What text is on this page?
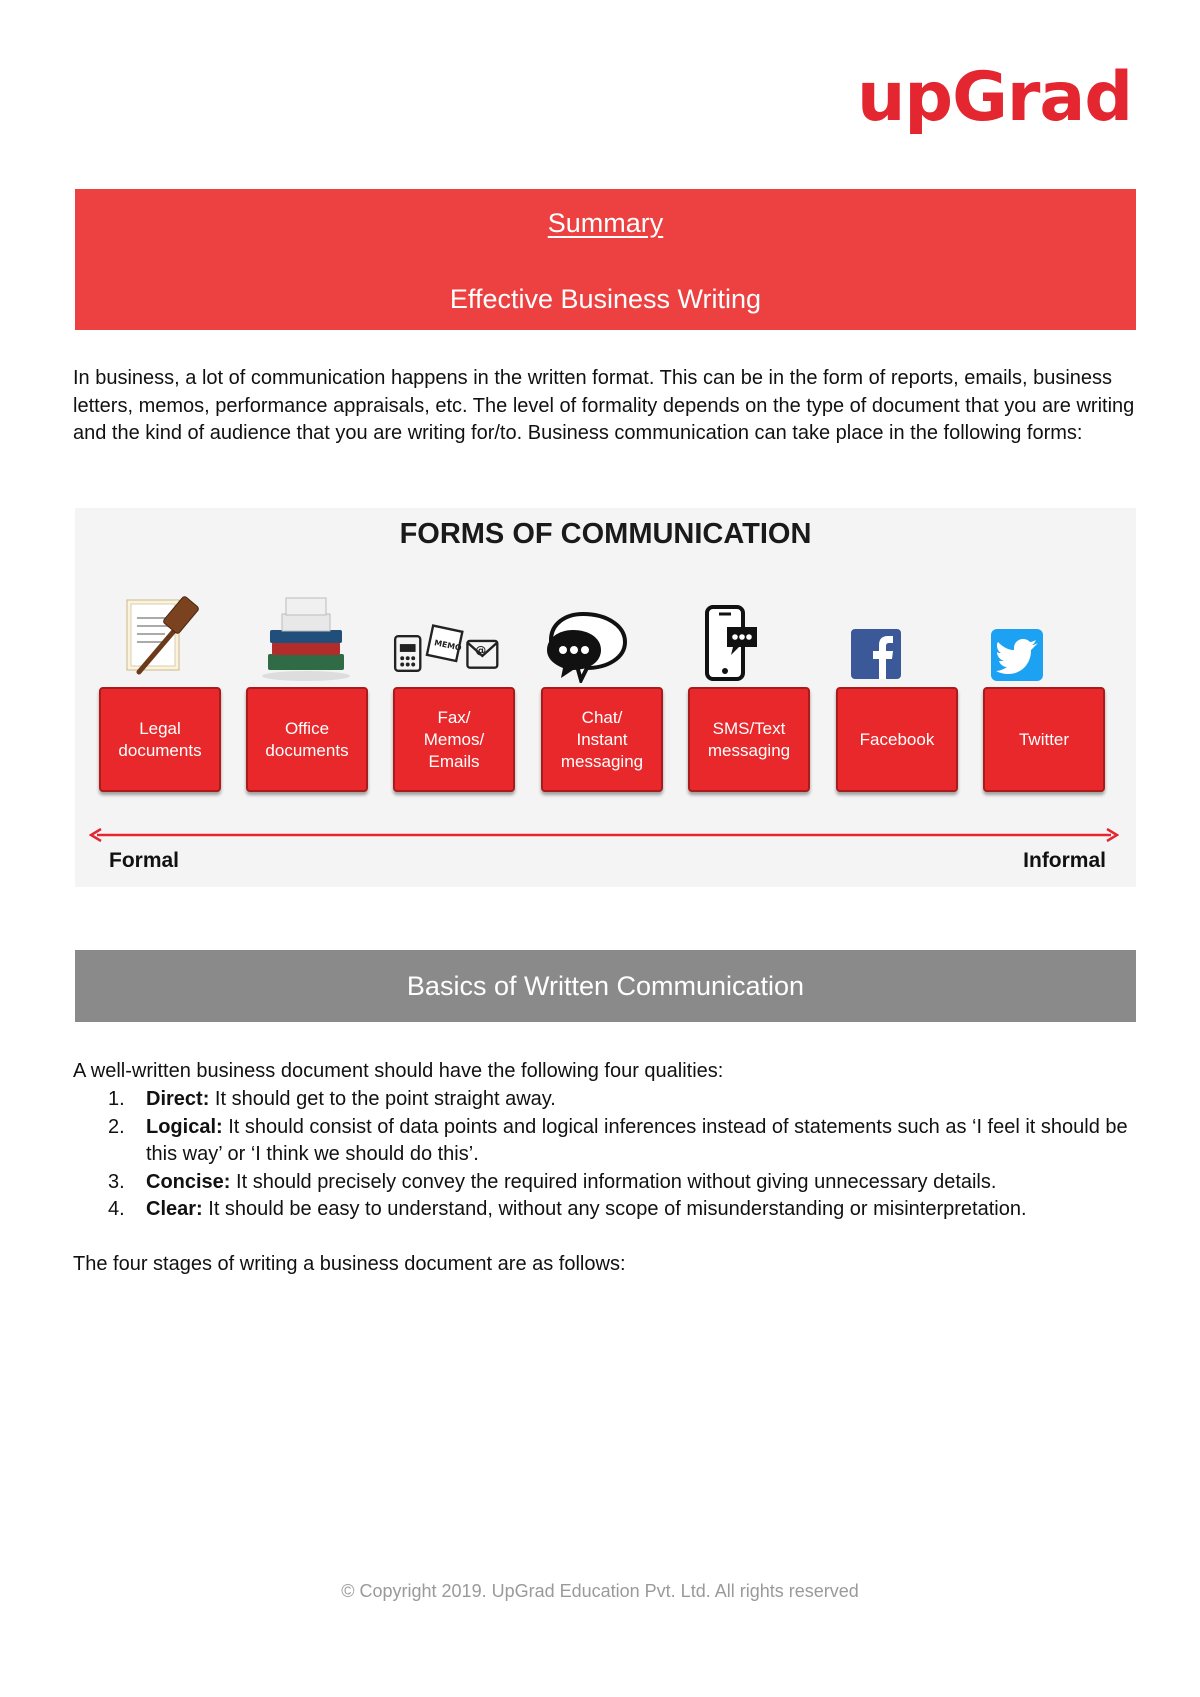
upGrad
Summary
Effective Business Writing

In business, a lot of communication happens in the written format. This can be in the form of reports, emails, business letters, memos, performance appraisals, etc. The level of formality depends on the type of document that you are writing and the kind of audience that you are writing for/to. Business communication can take place in the following forms:

FORMS OF COMMUNICATION
MEMO @
Legal
documents
Office
documents
Fax/
Memos/
Emails
Chat/
Instant
messaging
SMS/Text
messaging
Facebook	Twitter
Formal	Informal
Basics of Written Communication

A well-written business document should have the following four qualities:

1. Direct: It should get to the point straight away.
2. Logical: It should consist of data points and logical inferences instead of statements such as ‘I feel it should be this way’ or ‘I think we should do this’.
3. Concise: It should precisely convey the required information without giving unnecessary details.
4. Clear: It should be easy to understand, without any scope of misunderstanding or misinterpretation.

The four stages of writing a business document are as follows:

© Copyright 2019. UpGrad Education Pvt. Ltd. All rights reserved
